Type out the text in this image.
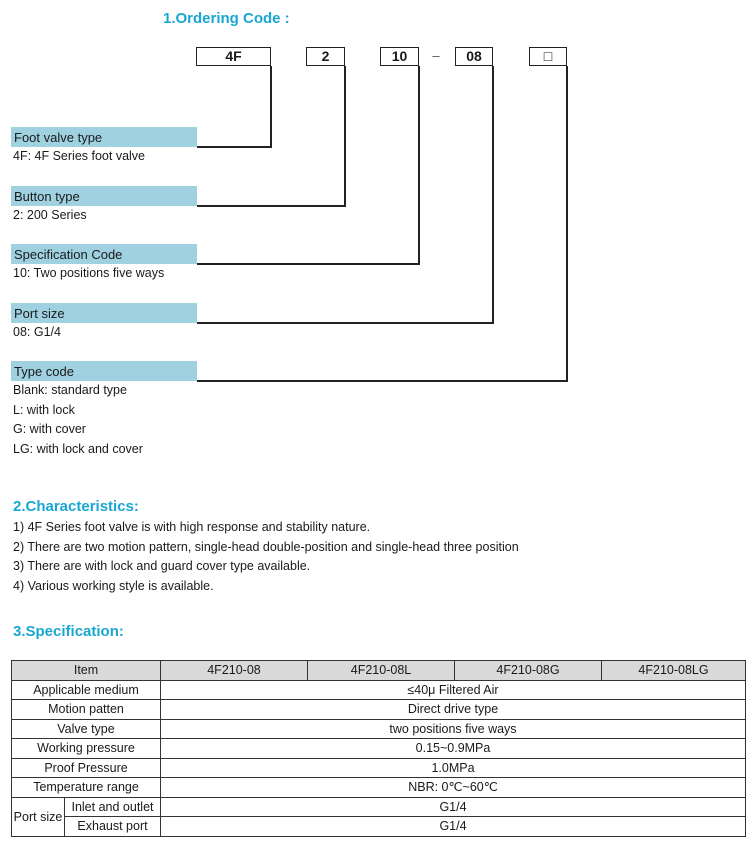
1.Ordering Code :
4F	2	10	–	08	□
Foot valve type
4F: 4F Series foot valve
Button type
2: 200 Series
Specification Code
10: Two positions five ways
Port size
08: G1/4
Type code
Blank: standard type
L: with lock
G: with cover
LG: with lock and cover
2.Characteristics:

1) 4F Series foot valve is with high response and stability nature.

2) There are two motion pattern, single-head double-position and single-head three position

3) There are with lock and guard cover type available.

4) Various working style is available.

3.Specification:
Item		4F210-08	4F210-08L	4F210-08G	4F210-08LG
Applicable medium		≤40μ Filtered Air			
Motion patten		Direct drive type			
Valve type		two positions five ways			
Working pressure		0.15~0.9MPa			
Proof Pressure		1.0MPa			
Temperature range		NBR: 0℃~60℃			
Port size	Inlet and outlet	G1/4			
	Exhaust port	G1/4			
